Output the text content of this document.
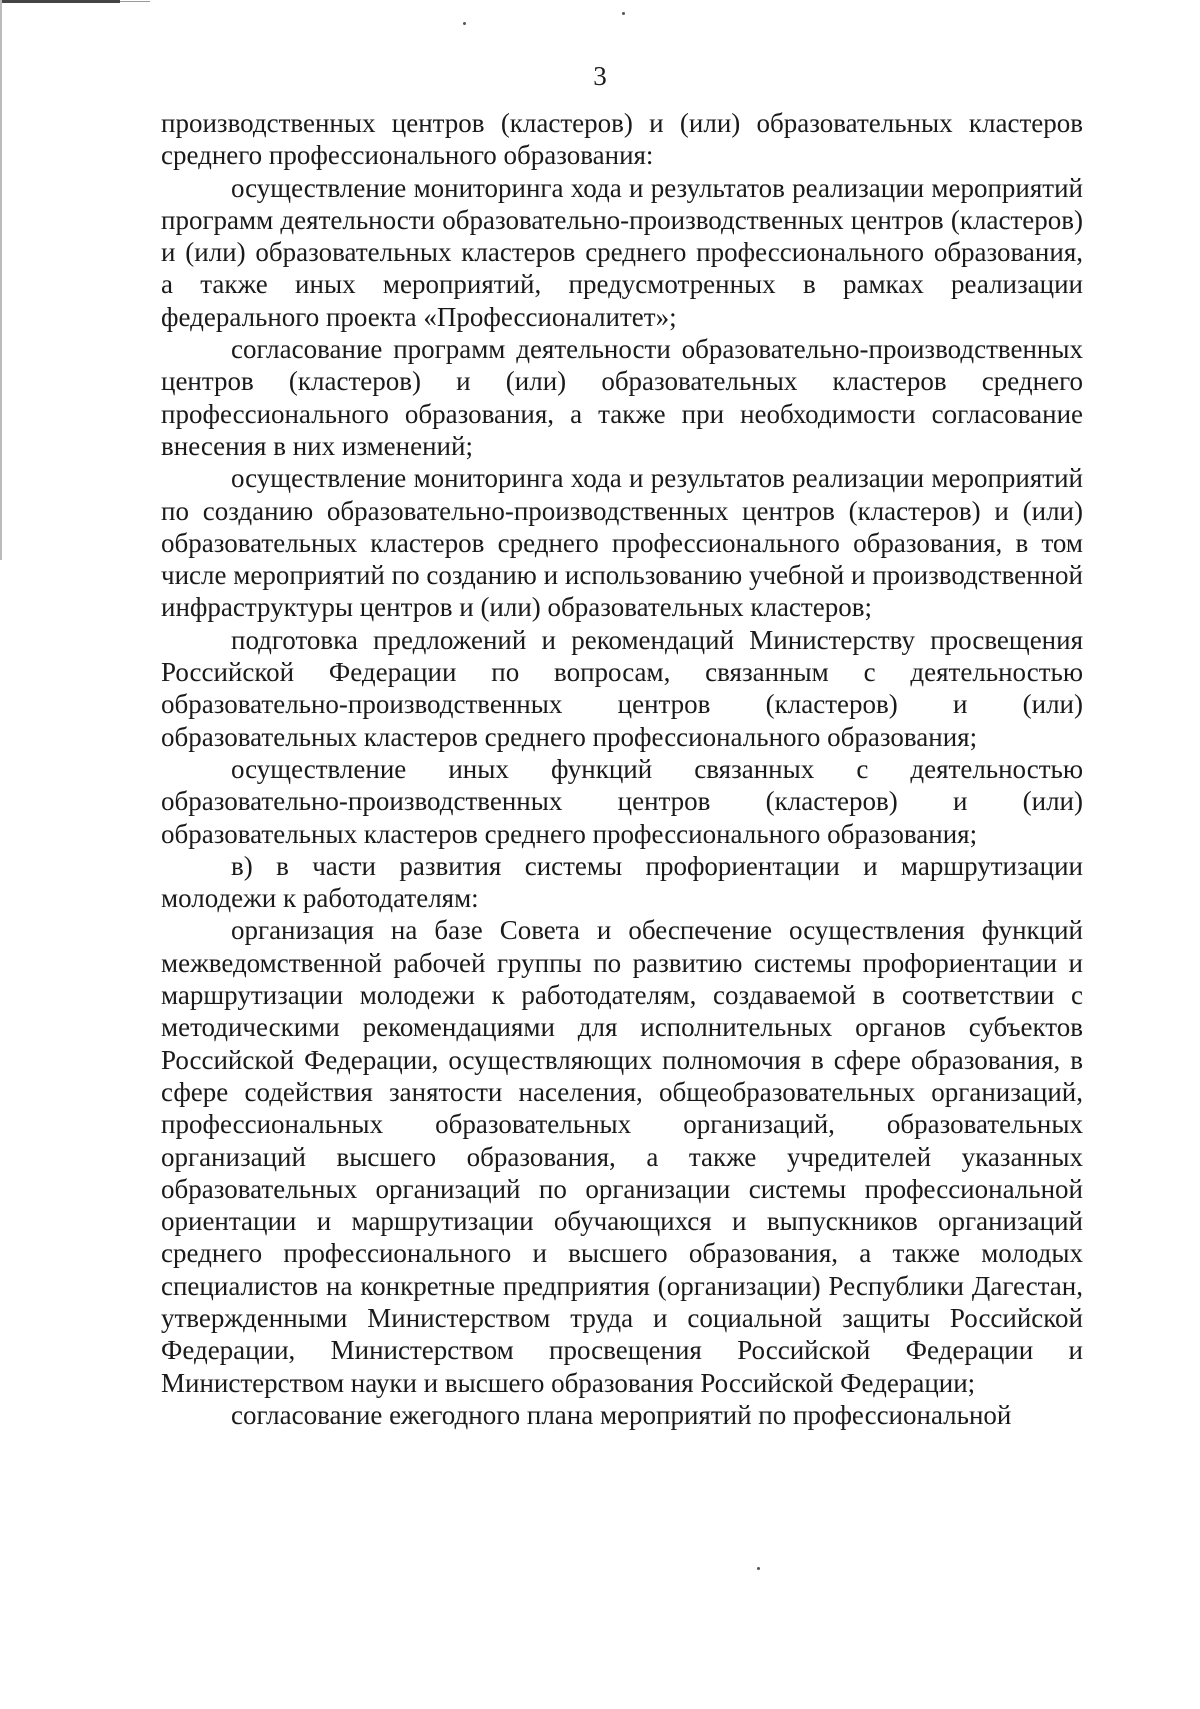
3

производственных центров (кластеров) и (или) образовательных кластеров среднего профессионального образования:

осуществление мониторинга хода и результатов реализации мероприятий программ деятельности образовательно-производственных центров (кластеров) и (или) образовательных кластеров среднего профессионального образования, а также иных мероприятий, предусмотренных в рамках реализации федерального проекта «Профессионалитет»;

согласование программ деятельности образовательно-производственных центров (кластеров) и (или) образовательных кластеров среднего профессионального образования, а также при необходимости согласование внесения в них изменений;

осуществление мониторинга хода и результатов реализации мероприятий по созданию образовательно-производственных центров (кластеров) и (или) образовательных кластеров среднего профессионального образования, в том числе мероприятий по созданию и использованию учебной и производственной инфраструктуры центров и (или) образовательных кластеров;

подготовка предложений и рекомендаций Министерству просвещения Российской Федерации по вопросам, связанным с деятельностью образовательно-производственных центров (кластеров) и (или) образовательных кластеров среднего профессионального образования;

осуществление иных функций связанных с деятельностью образовательно-производственных центров (кластеров) и (или) образовательных кластеров среднего профессионального образования;

в) в части развития системы профориентации и маршрутизации молодежи к работодателям:

организация на базе Совета и обеспечение осуществления функций межведомственной рабочей группы по развитию системы профориентации и маршрутизации молодежи к работодателям, создаваемой в соответствии с методическими рекомендациями для исполнительных органов субъектов Российской Федерации, осуществляющих полномочия в сфере образования, в сфере содействия занятости населения, общеобразовательных организаций, профессиональных образовательных организаций, образовательных организаций высшего образования, а также учредителей указанных образовательных организаций по организации системы профессиональной ориентации и маршрутизации обучающихся и выпускников организаций среднего профессионального и высшего образования, а также молодых специалистов на конкретные предприятия (организации) Республики Дагестан, утвержденными Министерством труда и социальной защиты Российской Федерации, Министерством просвещения Российской Федерации и Министерством науки и высшего образования Российской Федерации;

согласование ежегодного плана мероприятий по профессиональной
